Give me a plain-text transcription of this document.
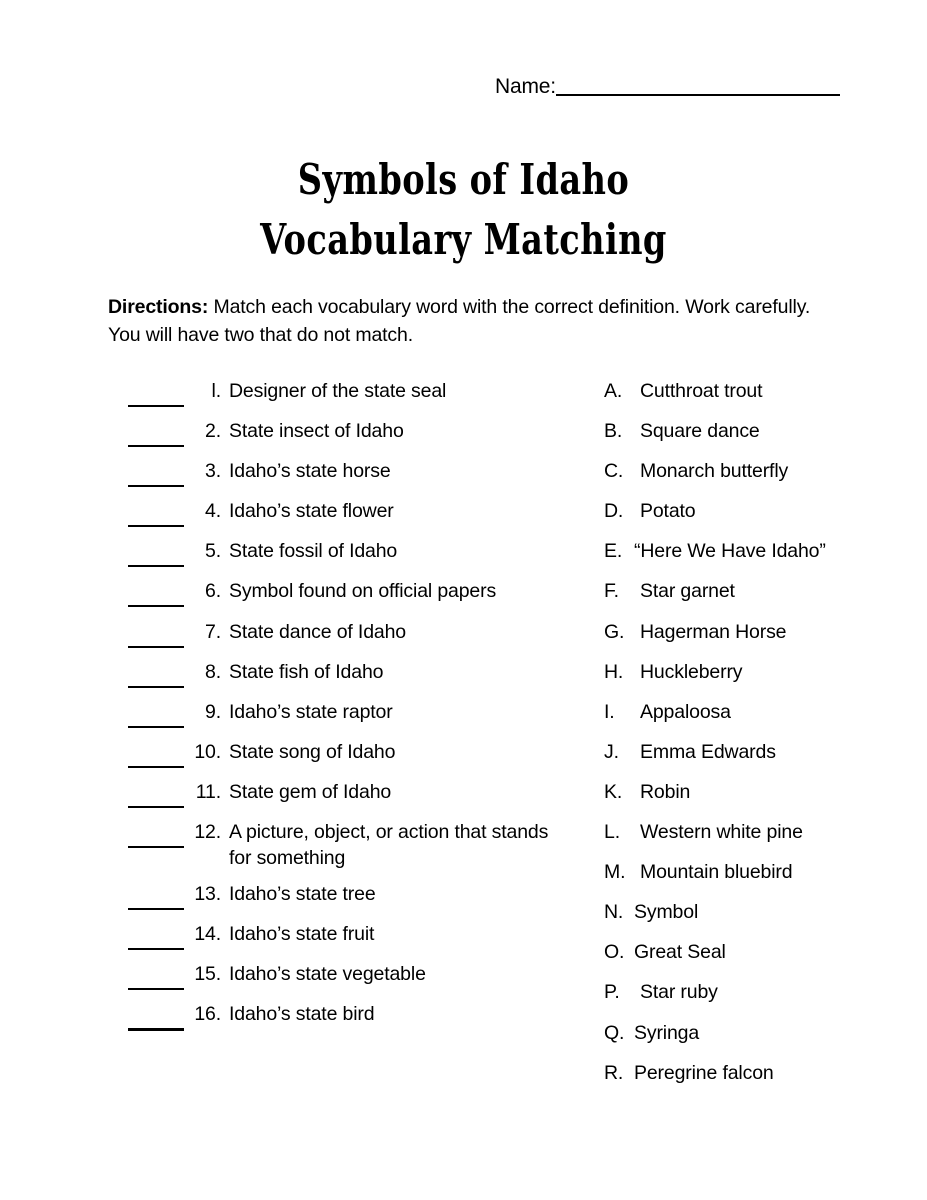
Name:
Symbols of Idaho
Vocabulary Matching
Directions: Match each vocabulary word with the correct definition. Work carefully. You will have two that do not match.
l. Designer of the state seal
2. State insect of Idaho
3. Idaho’s state horse
4. Idaho’s state flower
5. State fossil of Idaho
6. Symbol found on official papers
7. State dance of Idaho
8. State fish of Idaho
9. Idaho’s state raptor
10. State song of Idaho
11. State gem of Idaho
12. A picture, object, or action that stands for something
13. Idaho’s state tree
14. Idaho’s state fruit
15. Idaho’s state vegetable
16. Idaho’s state bird
A. Cutthroat trout
B. Square dance
C. Monarch butterfly
D. Potato
E. “Here We Have Idaho”
F. Star garnet
G. Hagerman Horse
H. Huckleberry
I. Appaloosa
J. Emma Edwards
K. Robin
L. Western white pine
M. Mountain bluebird
N. Symbol
O. Great Seal
P. Star ruby
Q. Syringa
R. Peregrine falcon
